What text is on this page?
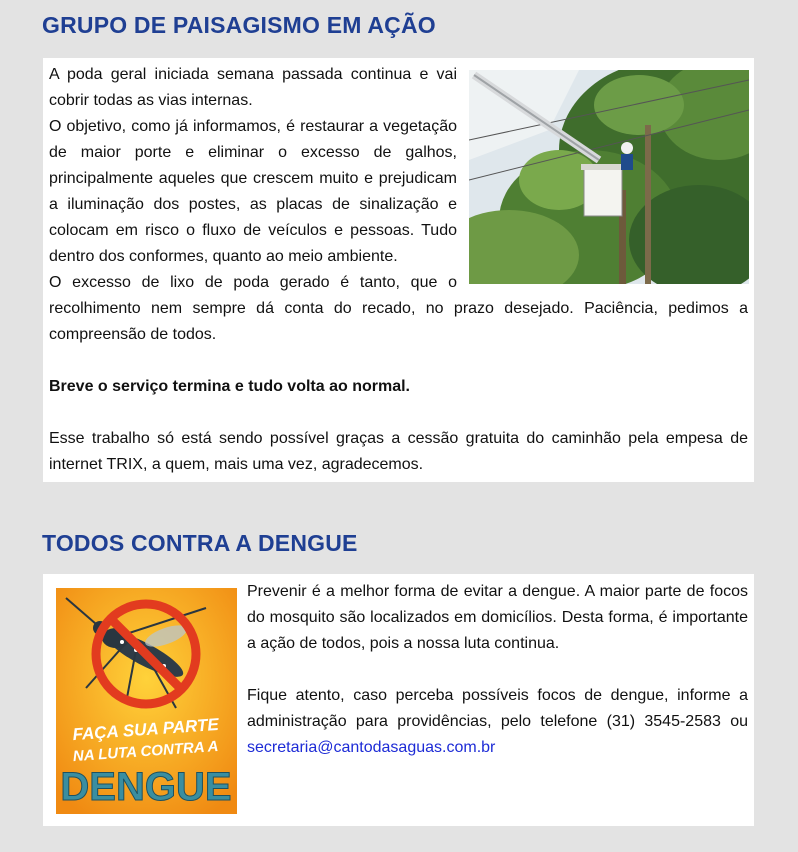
GRUPO DE PAISAGISMO EM AÇÃO

A poda geral iniciada semana passada continua e vai cobrir todas as vias internas.

O objetivo, como já informamos, é restaurar a vegetação de maior porte e eliminar o excesso de galhos, principalmente aqueles que crescem muito e prejudicam a iluminação dos postes, as placas de sinalização e colocam em risco o fluxo de veículos e pessoas. Tudo dentro dos conformes, quanto ao meio ambiente.

O excesso de lixo de poda gerado é tanto, que o recolhimento nem sempre dá conta do recado, no prazo desejado. Paciência, pedimos a compreensão de todos.

Breve o serviço termina e tudo volta ao normal.

Esse trabalho só está sendo possível graças a cessão gratuita do caminhão pela empesa de internet TRIX, a quem, mais uma vez, agradecemos.

TODOS CONTRA A DENGUE
FAÇA SUA PARTE
NA LUTA CONTRA A
DENGUE

Prevenir é a melhor forma de evitar a dengue. A maior parte de focos do mosquito são localizados em domicílios. Desta forma, é importante a ação de todos, pois a nossa luta continua.

Fique atento, caso perceba possíveis focos de dengue, informe a administração para providências, pelo telefone (31) 3545-2583 ou secretaria@cantodasaguas.com.br
